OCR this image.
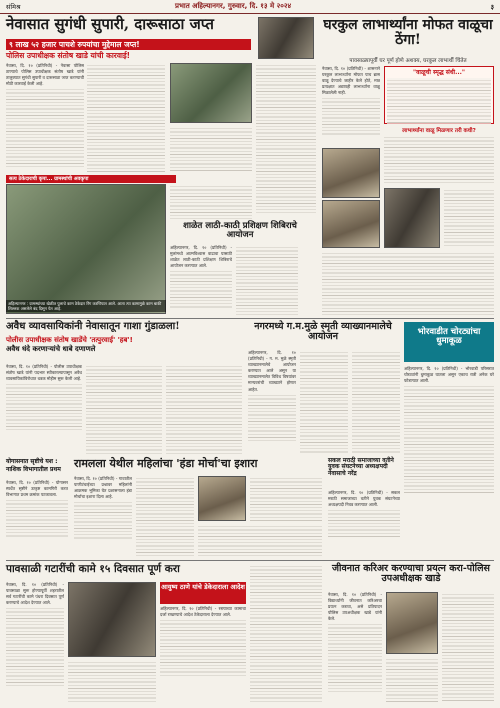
संमिश्र	प्रभात अहिल्यानगर, गुरुवार, दि. १३ मे २०२४	३
नेवासात सुगंधी सुपारी, दारूसाठा जप्त
९ लाख ५२ हजार पाचशे रुपयांचा मुद्देमाल जप्त!
पोलिस उपाधीक्षक संतोष खाडे यांची कारवाई!
नेवासा, दि. १० (प्रतिनिधी) - नेवासा पोलिस ठाण्याचे पोलिस उपाधीक्षक संतोष खाडे यांनी तालुक्यात सुगंधी सुपारी व दारूसाठा जप्त करण्याची मोठी कारवाई केली आहे.
सत्य ठेकेदाराची कृपा... ग्रामस्थांची अवकृपा
अहिल्यानगर : ग्रामस्थांच्या खेळीत पुलाचे काम ठेकेदार रिंग करणियात आले. आता त्या कामामुळे काम बाकी शिल्लक असलेले बंद दिसून येत आहे.
शाळेत लाठी-काठी प्रशिक्षण शिबिराचे आयोजन
अहिल्यानगर, दि. १० (प्रतिनिधी) - मुलांमध्ये आत्मविश्वास वाढावा यासाठी शाळेत लाठी-काठी प्रशिक्षण शिबिराचे आयोजन करण्यात आले.
घरकुल लाभार्थ्यांना मोफत वाळूचा ठेंगा!
पावसाळ्यापूर्वी घर पूर्ण होणे अशक्य, घरकुल लाभार्थी चिंतेत
नेवासा, दि. १० (प्रतिनिधी) - शासनाने घरकुल लाभार्थ्यांना मोफत पाच ब्रास वाळू देण्याचे जाहीर केले होते, मात्र प्रत्यक्षात अद्यापही लाभार्थ्यांना वाळू मिळालेली नाही.
"वाळूची स्मृद्ध संधी..."
लाभार्थ्यांना वाळू मिळणार तरी कधी?
अवैध व्यावसायिकांनी नेवासातून गाशा गुंडाळला!
पोलीस उपाधीक्षक संतोष खाडेंचे 'तत्पुरवाई' 'हब'!
अवैध धंदे करणाऱ्यांचे धाबे दणाणले
नेवासा, दि. १० (प्रतिनिधी) - पोलीस उपाधीक्षक संतोष खाडे यांनी पदभार स्वीकारल्यापासून अवैध व्यवसायिकांविरोधात धडक मोहीम सुरू केली आहे.
नगरमध्ये ग.म.मुळे स्मृती व्याख्यानमालेचे आयोजन
अहिल्यानगर, दि. १० (प्रतिनिधी) - ग. म. मुळे स्मृती व्याख्यानमालेचे आयोजन करण्यात आले असून या व्याख्यानमालेत विविध विषयांवर मान्यवरांची व्याख्याने होणार आहेत.
भोरवाडीत चोरट्यांचा धुमाकूळ
अहिल्यानगर, दि. १० (प्रतिनिधी) - भोरवाडी परिसरात चोरट्यांनी धुमाकूळ घातला असून एकाच रात्री अनेक घरे फोडण्यात आली.
योगासनात सृष्टीचे यश : नाशिक विभागातील प्रथम
नेवासा, दि. १० (प्रतिनिधी) - योगासन स्पर्धेत सृष्टीने उत्कृष्ट कामगिरी करत विभागात प्रथम क्रमांक पटकावला.
रामलला येथील महिलांचा 'हंडा मोर्चा'चा इशारा
नेवासा, दि. १० (प्रतिनिधी) - गावातील पाणीटंचाईच्या प्रश्नावर महिलांनी आक्रमक भूमिका घेत प्रशासनाला हंडा मोर्चाचा इशारा दिला आहे.
सकल मराठी समाजाच्या वतीने युवक संघटनेच्या अध्यक्षपदी नेवासाचे नरेंद्र
अहिल्यानगर, दि. १० (प्रतिनिधी) - सकल मराठी समाजाच्या वतीने युवक संघटनेच्या अध्यक्षपदी निवड करण्यात आली.
पावसाळी गटारींची कामे १५ दिवसात पूर्ण करा
नेवासा, दि. १० (प्रतिनिधी) - पावसाळा सुरू होण्यापूर्वी शहरातील सर्व गटारींची कामे पंधरा दिवसात पूर्ण करण्याचे आदेश देण्यात आले.
आयुष्य ठाणे यांचे डेकेदाराला आदेश
अहिल्यानगर, दि. १० (प्रतिनिधी) - रस्त्याच्या कामाचा दर्जा राखण्याचे आदेश ठेकेदाराला देण्यात आले.
जीवनात करिअर करण्याचा प्रयत्न करा-पोलिस उपअधीक्षक खाडे
नेवासा, दि. १० (प्रतिनिधी) - विद्यार्थ्यांनी जीवनात करिअरचा प्रयत्न करावा, असे प्रतिपादन पोलिस उपअधीक्षक खाडे यांनी केले.
